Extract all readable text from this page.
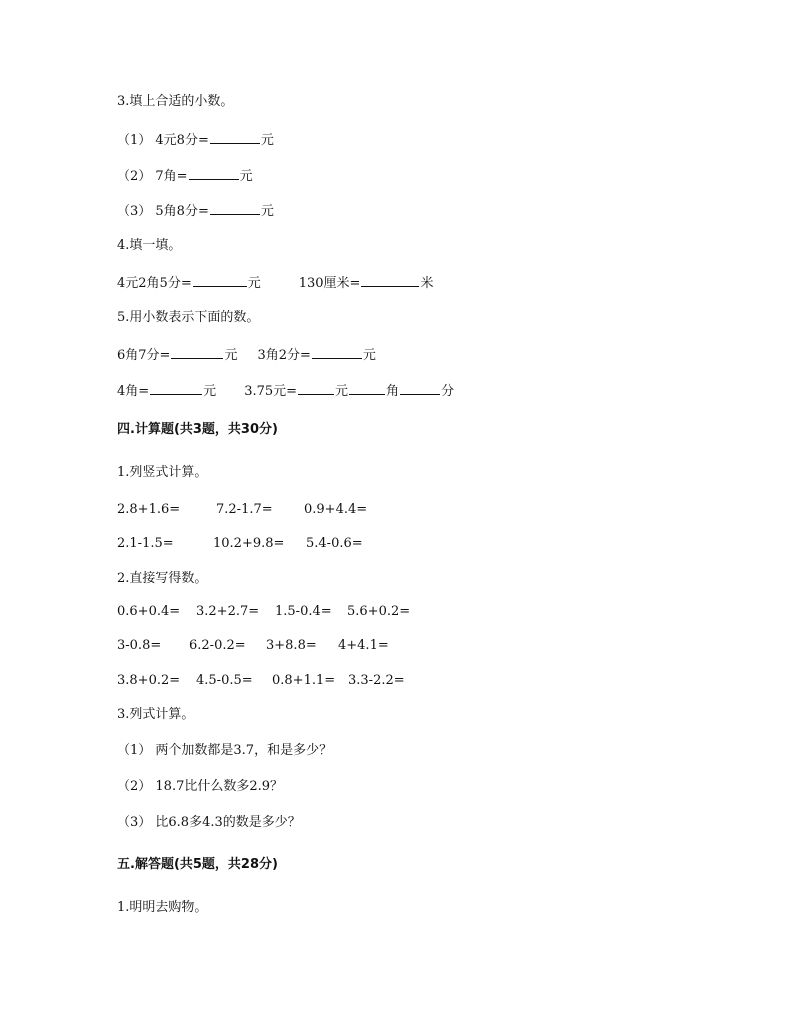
3.填上合适的小数。
（1） 4元8分=	元
（2） 7角=	元
（3） 5角8分=	元
4.填一填。
4元2角5分=	元	130厘米=	米
5.用小数表示下面的数。
6角7分=	元 3角2分=	元
4角=	元 3.75元=	元	角	分
四.计算题(共3题，共30分)
1.列竖式计算。
2.8+1.6=	7.2-1.7= 0.9+4.4=
2.1-1.5=	10.2+9.8= 5.4-0.6=
2.直接写得数。
0.6+0.4= 3.2+2.7= 1.5-0.4= 5.6+0.2=
3-0.8= 6.2-0.2= 3+8.8= 4+4.1=
3.8+0.2= 4.5-0.5= 0.8+1.1= 3.3-2.2=
3.列式计算。
（1） 两个加数都是3.7，和是多少？
（2） 18.7比什么数多2.9？
（3） 比6.8多4.3的数是多少？
五.解答题(共5题，共28分)
1.明明去购物。
